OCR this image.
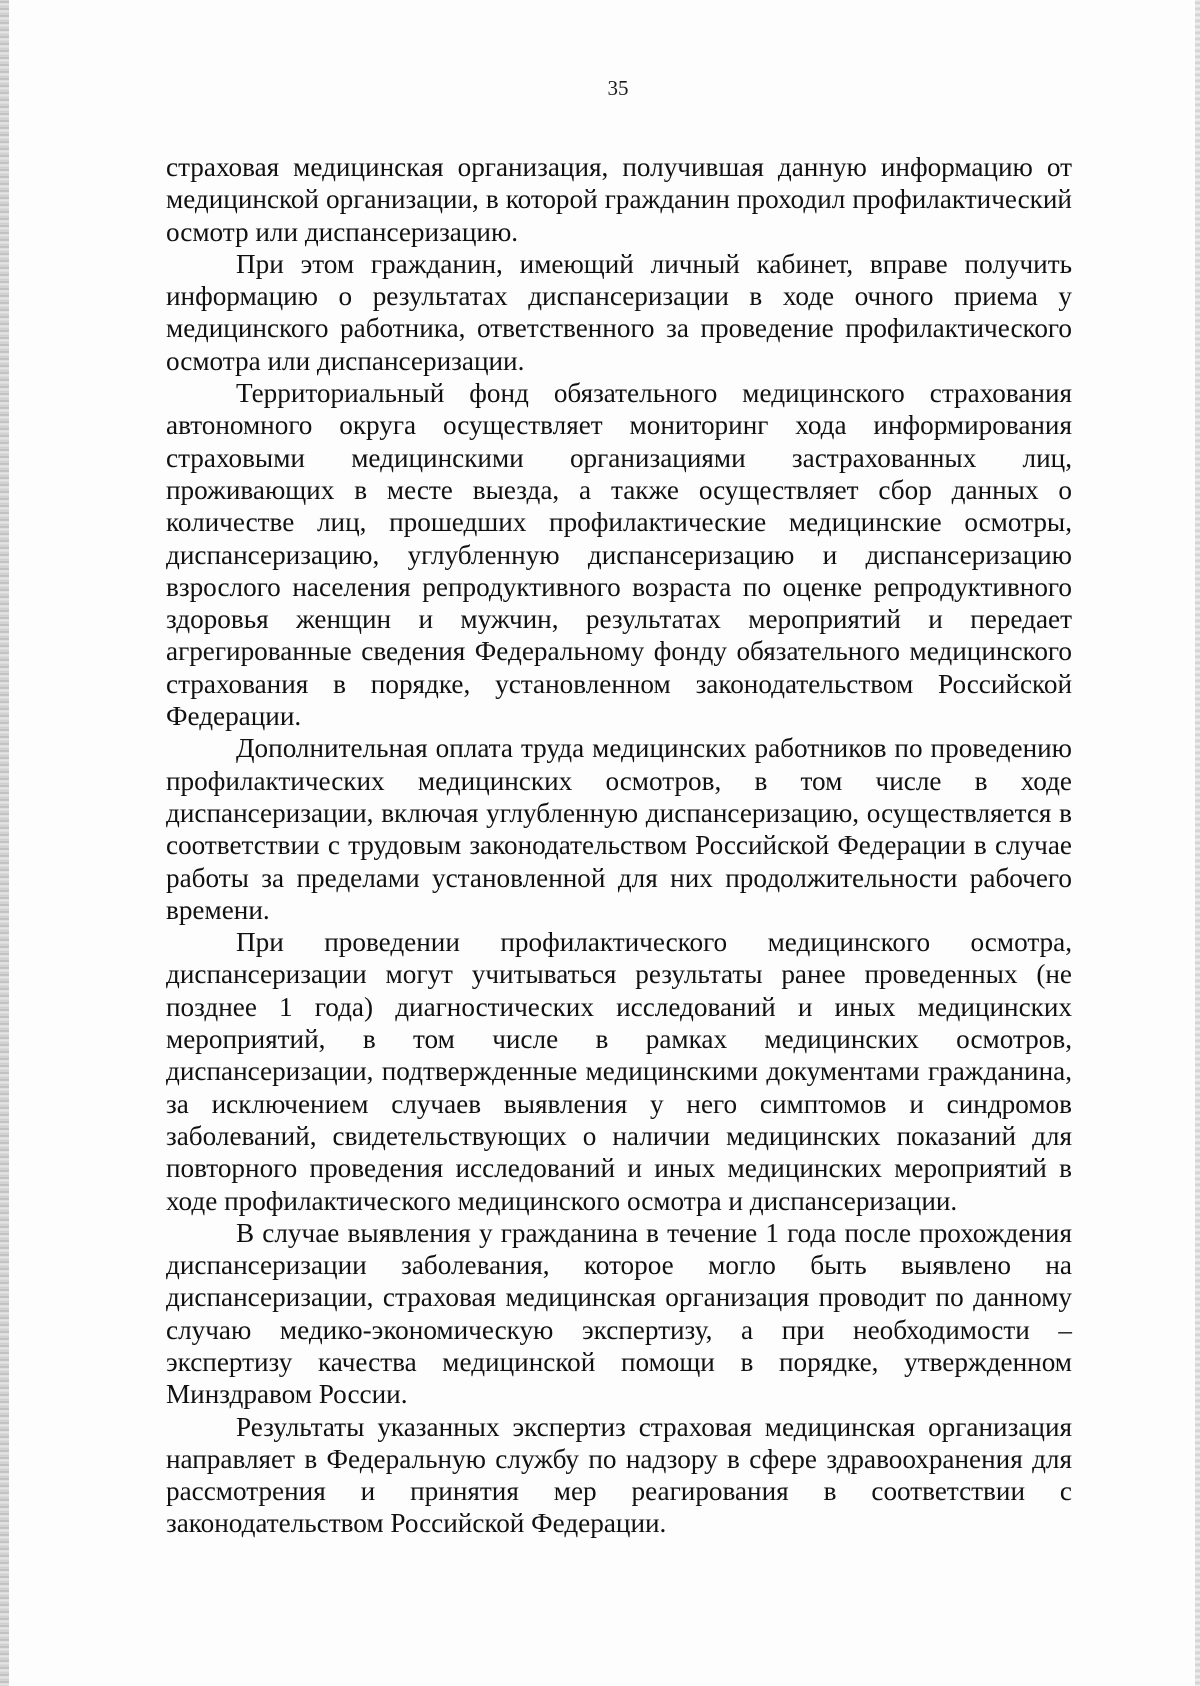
35

страховая медицинская организация, получившая данную информацию от медицинской организации, в которой гражданин проходил профилактический осмотр или диспансеризацию.

При этом гражданин, имеющий личный кабинет, вправе получить информацию о результатах диспансеризации в ходе очного приема у медицинского работника, ответственного за проведение профилактического осмотра или диспансеризации.

Территориальный фонд обязательного медицинского страхования автономного округа осуществляет мониторинг хода информирования страховыми медицинскими организациями застрахованных лиц, проживающих в месте выезда, а также осуществляет сбор данных о количестве лиц, прошедших профилактические медицинские осмотры, диспансеризацию, углубленную диспансеризацию и диспансеризацию взрослого населения репродуктивного возраста по оценке репродуктивного здоровья женщин и мужчин, результатах мероприятий и передает агрегированные сведения Федеральному фонду обязательного медицинского страхования в порядке, установленном законодательством Российской Федерации.

Дополнительная оплата труда медицинских работников по проведению профилактических медицинских осмотров, в том числе в ходе диспансеризации, включая углубленную диспансеризацию, осуществляется в соответствии с трудовым законодательством Российской Федерации в случае работы за пределами установленной для них продолжительности рабочего времени.

При проведении профилактического медицинского осмотра, диспансеризации могут учитываться результаты ранее проведенных (не позднее 1 года) диагностических исследований и иных медицинских мероприятий, в том числе в рамках медицинских осмотров, диспансеризации, подтвержденные медицинскими документами гражданина, за исключением случаев выявления у него симптомов и синдромов заболеваний, свидетельствующих о наличии медицинских показаний для повторного проведения исследований и иных медицинских мероприятий в ходе профилактического медицинского осмотра и диспансеризации.

В случае выявления у гражданина в течение 1 года после прохождения диспансеризации заболевания, которое могло быть выявлено на диспансеризации, страховая медицинская организация проводит по данному случаю медико-экономическую экспертизу, а при необходимости – экспертизу качества медицинской помощи в порядке, утвержденном Минздравом России.

Результаты указанных экспертиз страховая медицинская организация направляет в Федеральную службу по надзору в сфере здравоохранения для рассмотрения и принятия мер реагирования в соответствии с законодательством Российской Федерации.
